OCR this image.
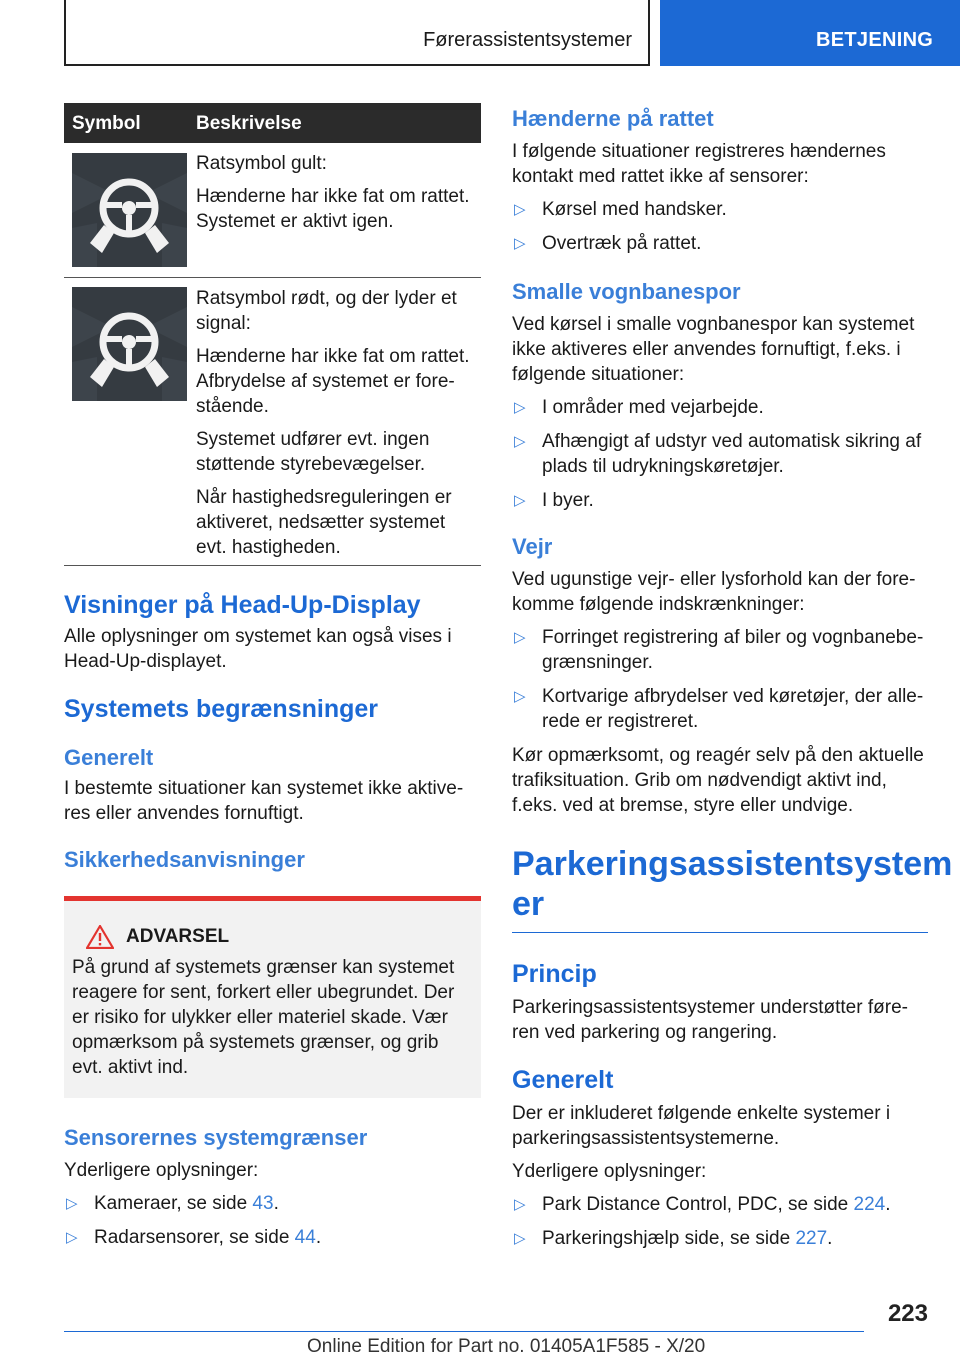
Førerassistentsystemer	BETJENING
Symbol	Beskrivelse

Ratsymbol gult:

Hænderne har ikke fat om rattet. Systemet er aktivt igen.

Ratsymbol rødt, og der lyder et signal:

Hænderne har ikke fat om rattet. Afbrydelse af systemet er forestående.

Systemet udfører evt. ingen støttende styrebevægelser.

Når hastighedsreguleringen er aktiveret, nedsætter systemet evt. hastigheden.

Visninger på Head-Up-Display

Alle oplysninger om systemet kan også vises i Head-Up-displayet.

Systemets begrænsninger
Generelt

I bestemte situationer kan systemet ikke aktiveres eller anvendes fornuftigt.

Sikkerhedsanvisninger
ADVARSEL

På grund af systemets grænser kan systemet reagere for sent, forkert eller ubegrundet. Der er risiko for ulykker eller materiel skade. Vær opmærksom på systemets grænser, og grib evt. aktivt ind.

Sensorernes systemgrænser

Yderligere oplysninger:

▷ Kameraer, se side 43.
▷ Radarsensorer, se side 44.
Hænderne på rattet

I følgende situationer registreres hændernes kontakt med rattet ikke af sensorer:

▷ Kørsel med handsker.
▷ Overtræk på rattet.
Smalle vognbanespor

Ved kørsel i smalle vognbanespor kan systemet ikke aktiveres eller anvendes fornuftigt, f.eks. i følgende situationer:

▷ I områder med vejarbejde.
▷ Afhængigt af udstyr ved automatisk sikring af plads til udrykningskøretøjer.
▷ I byer.
Vejr

Ved ugunstige vejr- eller lysforhold kan der forekomme følgende indskrænkninger:

▷ Forringet registrering af biler og vognbanebegrænsninger.
▷ Kortvarige afbrydelser ved køretøjer, der allerede er registreret.

Kør opmærksomt, og reagér selv på den aktuelle trafiksituation. Grib om nødvendigt aktivt ind, f.eks. ved at bremse, styre eller undvige.

Parkeringsassistentsystem
er
Princip

Parkeringsassistentsystemer understøtter føreren ved parkering og rangering.

Generelt

Der er inkluderet følgende enkelte systemer i parkeringsassistentsystemerne.

Yderligere oplysninger:

▷ Park Distance Control, PDC, se side 224.
▷ Parkeringshjælp side, se side 227.
223
Online Edition for Part no. 01405A1F585 - X/20
